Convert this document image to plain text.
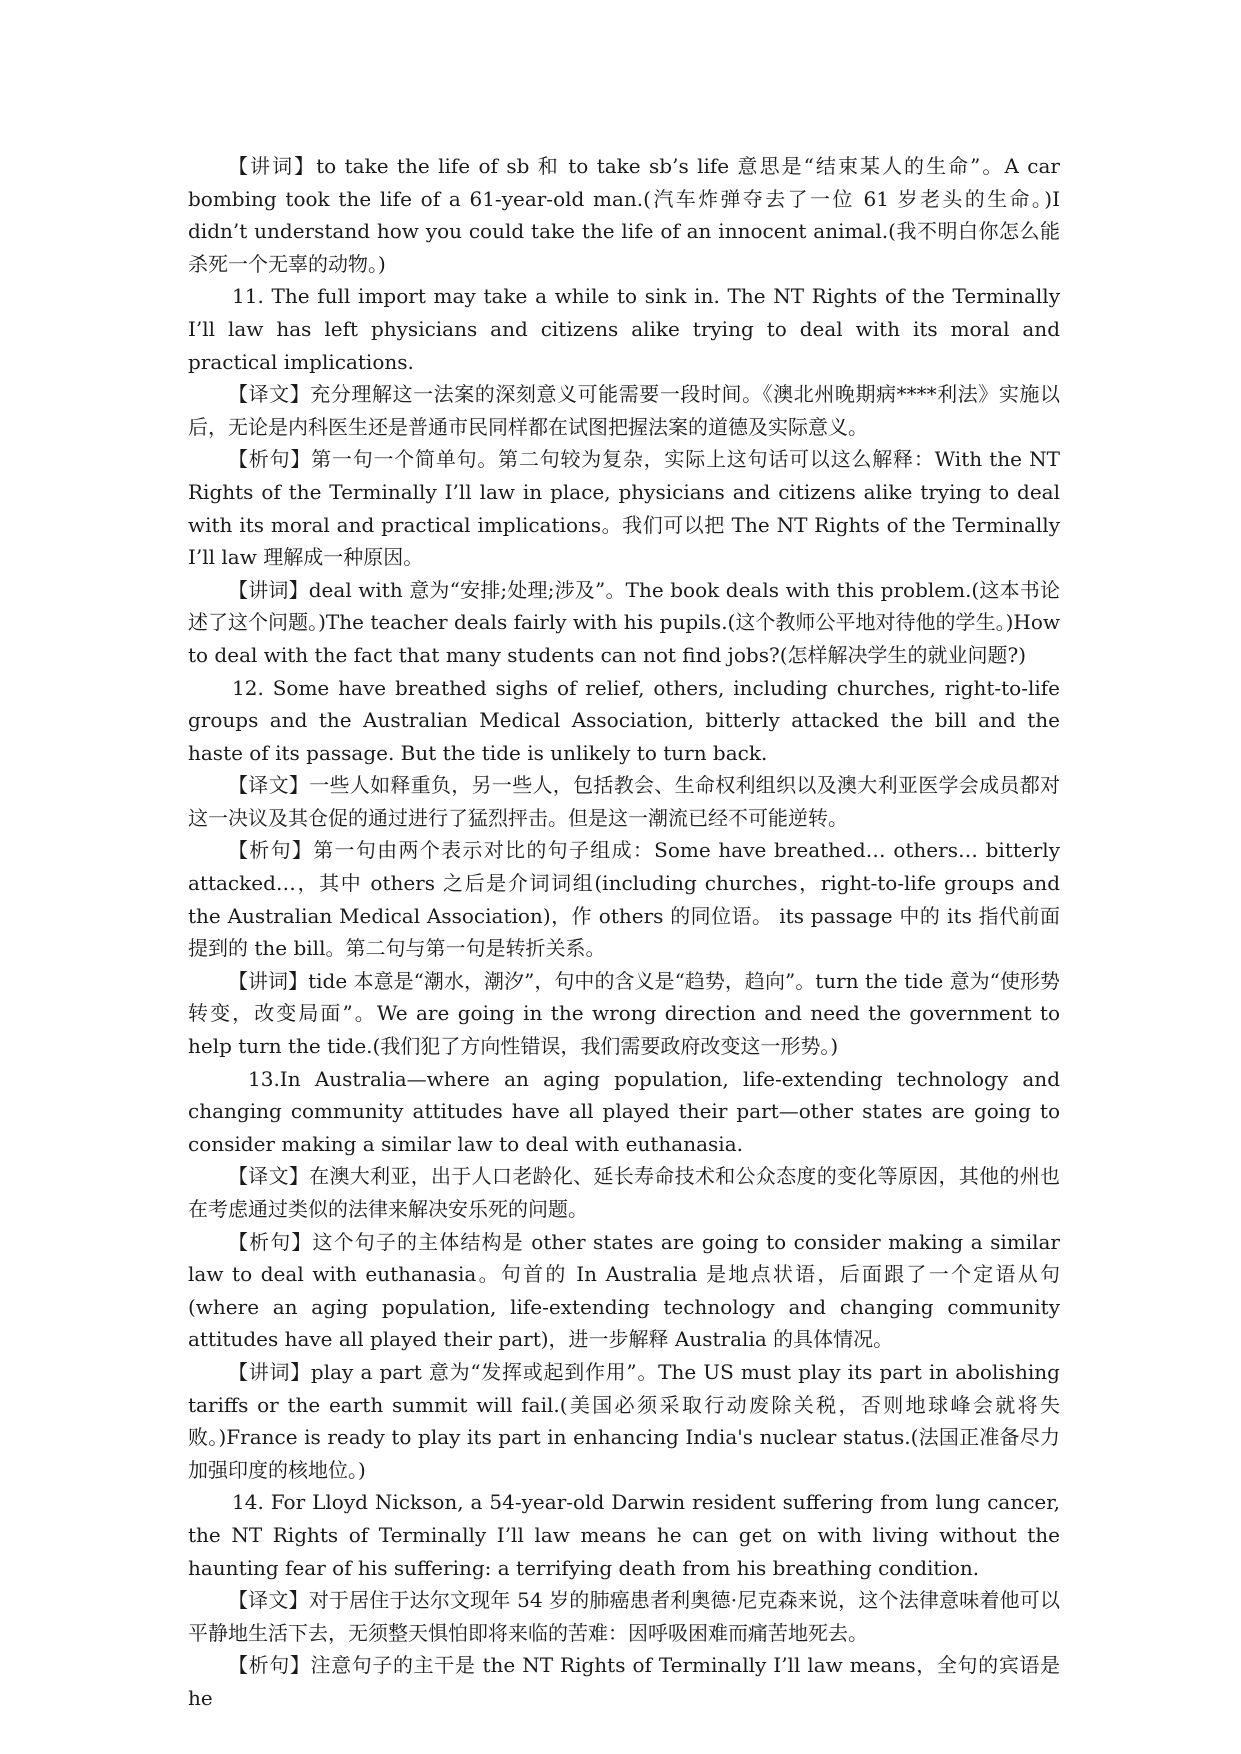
【讲词】to take the life of sb 和 to take sb’s life 意思是“结束某人的生命”。A car bombing took the life of a 61-year-old man.(汽车炸弹夺去了一位 61 岁老头的生命。)I didn’t understand how you could take the life of an innocent animal.(我不明白你怎么能杀死一个无辜的动物。)

11. The full import may take a while to sink in. The NT Rights of the Terminally I’ll law has left physicians and citizens alike trying to deal with its moral and practical implications.

【译文】充分理解这一法案的深刻意义可能需要一段时间。《澳北州晚期病****利法》实施以后，无论是内科医生还是普通市民同样都在试图把握法案的道德及实际意义。

【析句】第一句一个简单句。第二句较为复杂，实际上这句话可以这么解释：With the NT Rights of the Terminally I’ll law in place, physicians and citizens alike trying to deal with its moral and practical implications。我们可以把 The NT Rights of the Terminally I’ll law 理解成一种原因。

【讲词】deal with 意为“安排;处理;涉及”。The book deals with this problem.(这本书论述了这个问题。)The teacher deals fairly with his pupils.(这个教师公平地对待他的学生。)How to deal with the fact that many students can not find jobs?(怎样解决学生的就业问题?)

12. Some have breathed sighs of relief, others, including churches, right-to-life groups and the Australian Medical Association, bitterly attacked the bill and the haste of its passage. But the tide is unlikely to turn back.

【译文】一些人如释重负，另一些人，包括教会、生命权利组织以及澳大利亚医学会成员都对这一决议及其仓促的通过进行了猛烈抨击。但是这一潮流已经不可能逆转。

【析句】第一句由两个表示对比的句子组成：Some have breathed… others… bitterly attacked…，其中 others 之后是介词词组(including churches，right-to-life groups and the Australian Medical Association)，作 others 的同位语。 its passage 中的 its 指代前面提到的 the bill。第二句与第一句是转折关系。

【讲词】tide 本意是“潮水，潮汐”，句中的含义是“趋势，趋向”。turn the tide 意为“使形势转变，改变局面”。We are going in the wrong direction and need the government to help turn the tide.(我们犯了方向性错误，我们需要政府改变这一形势。)

13.In Australia—where an aging population, life-extending technology and changing community attitudes have all played their part—other states are going to consider making a similar law to deal with euthanasia.

【译文】在澳大利亚，出于人口老龄化、延长寿命技术和公众态度的变化等原因，其他的州也在考虑通过类似的法律来解决安乐死的问题。

【析句】这个句子的主体结构是 other states are going to consider making a similar law to deal with euthanasia。句首的 In Australia 是地点状语，后面跟了一个定语从句(where an aging population, life-extending technology and changing community attitudes have all played their part)，进一步解释 Australia 的具体情况。

【讲词】play a part 意为“发挥或起到作用”。The US must play its part in abolishing tariffs or the earth summit will fail.(美国必须采取行动废除关税，否则地球峰会就将失败。)France is ready to play its part in enhancing India's nuclear status.(法国正准备尽力加强印度的核地位。)

14. For Lloyd Nickson, a 54-year-old Darwin resident suffering from lung cancer, the NT Rights of Terminally I’ll law means he can get on with living without the haunting fear of his suffering: a terrifying death from his breathing condition.

【译文】对于居住于达尔文现年 54 岁的肺癌患者利奥德·尼克森来说，这个法律意味着他可以平静地生活下去，无须整天惧怕即将来临的苦难：因呼吸困难而痛苦地死去。

【析句】注意句子的主干是 the NT Rights of Terminally I’ll law means，全句的宾语是 he
